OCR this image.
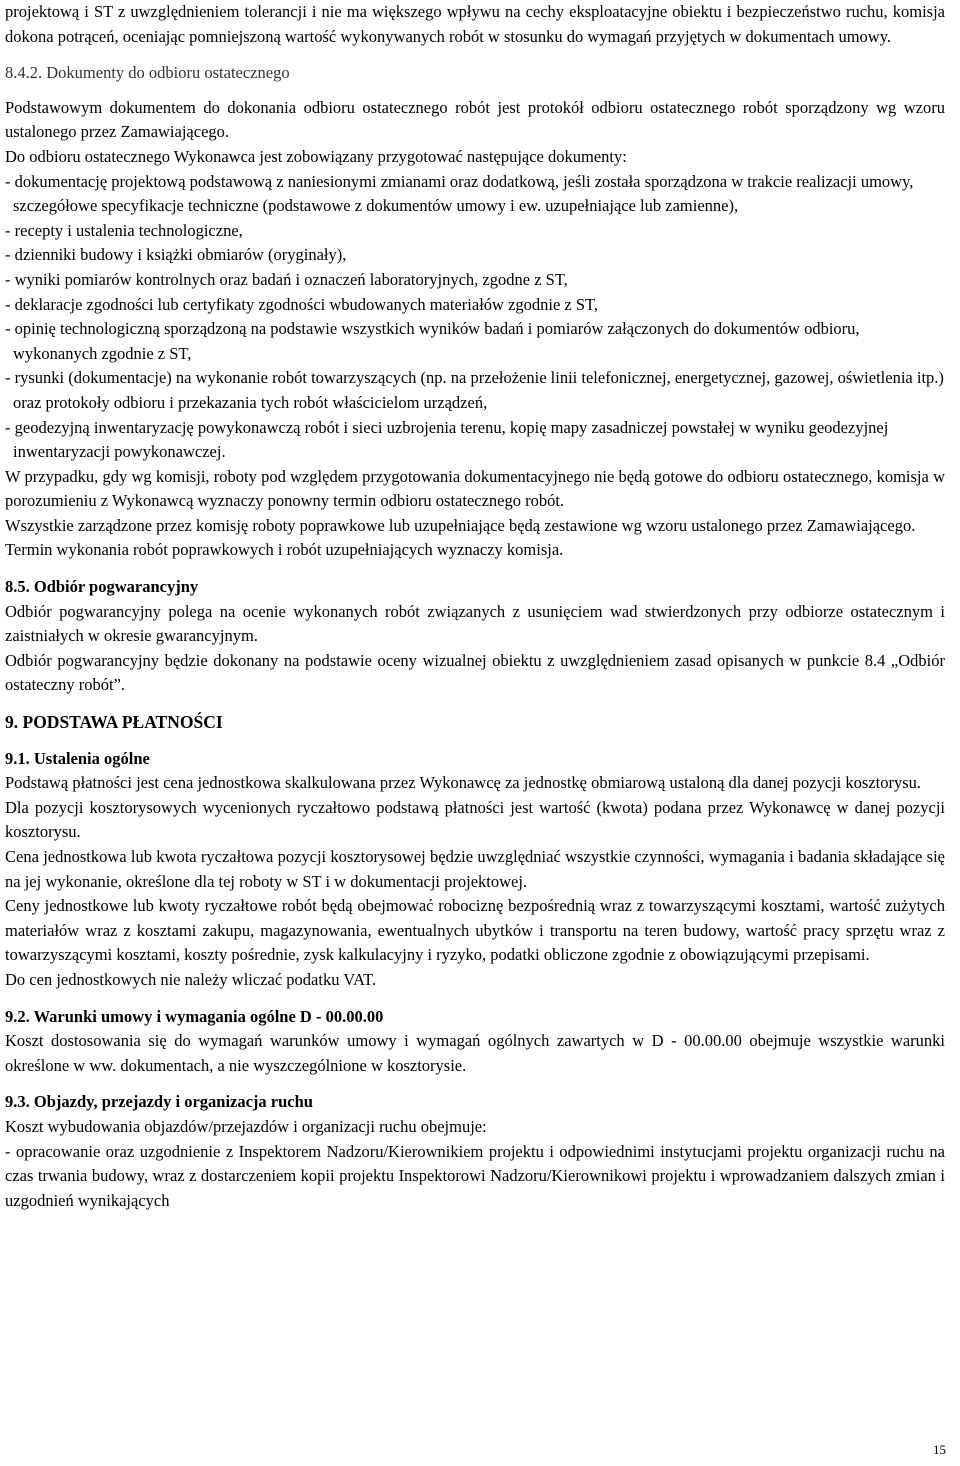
projektową i ST z uwzględnieniem tolerancji i nie ma większego wpływu na cechy eksploatacyjne obiektu i bezpieczeństwo ruchu, komisja dokona potrąceń, oceniając pomniejszoną wartość wykonywanych robót w stosunku do wymagań przyjętych w dokumentach umowy.

8.4.2. Dokumenty do odbioru ostatecznego

Podstawowym dokumentem do dokonania odbioru ostatecznego robót jest protokół odbioru ostatecznego robót sporządzony wg wzoru ustalonego przez Zamawiającego.

Do odbioru ostatecznego Wykonawca jest zobowiązany przygotować następujące dokumenty:

- dokumentację projektową podstawową z naniesionymi zmianami oraz dodatkową, jeśli została sporządzona w trakcie realizacji umowy, szczegółowe specyfikacje techniczne (podstawowe z dokumentów umowy i ew. uzupełniające lub zamienne),

- recepty i ustalenia technologiczne,

- dzienniki budowy i książki obmiarów (oryginały),

- wyniki pomiarów kontrolnych oraz badań i oznaczeń laboratoryjnych, zgodne z ST,

- deklaracje zgodności lub certyfikaty zgodności wbudowanych materiałów zgodnie z ST,

- opinię technologiczną sporządzoną na podstawie wszystkich wyników badań i pomiarów załączonych do dokumentów odbioru, wykonanych zgodnie z ST,

- rysunki (dokumentacje) na wykonanie robót towarzyszących (np. na przełożenie linii telefonicznej, energetycznej, gazowej, oświetlenia itp.) oraz protokoły odbioru i przekazania tych robót właścicielom urządzeń,

- geodezyjną inwentaryzację powykonawczą robót i sieci uzbrojenia terenu, kopię mapy zasadniczej powstałej w wyniku geodezyjnej inwentaryzacji powykonawczej.

W przypadku, gdy wg komisji, roboty pod względem przygotowania dokumentacyjnego nie będą gotowe do odbioru ostatecznego, komisja w porozumieniu z Wykonawcą wyznaczy ponowny termin odbioru ostatecznego robót.

Wszystkie zarządzone przez komisję roboty poprawkowe lub uzupełniające będą zestawione wg wzoru ustalonego przez Zamawiającego.

Termin wykonania robót poprawkowych i robót uzupełniających wyznaczy komisja.

8.5. Odbiór pogwarancyjny

Odbiór pogwarancyjny polega na ocenie wykonanych robót związanych z usunięciem wad stwierdzonych przy odbiorze ostatecznym i zaistniałych w okresie gwarancyjnym.

Odbiór pogwarancyjny będzie dokonany na podstawie oceny wizualnej obiektu z uwzględnieniem zasad opisanych w punkcie 8.4 „Odbiór ostateczny robót”.

9. PODSTAWA PŁATNOŚCI

9.1. Ustalenia ogólne

Podstawą płatności jest cena jednostkowa skalkulowana przez Wykonawcę za jednostkę obmiarową ustaloną dla danej pozycji kosztorysu.

Dla pozycji kosztorysowych wycenionych ryczałtowo podstawą płatności jest wartość (kwota) podana przez Wykonawcę w danej pozycji kosztorysu.

Cena jednostkowa lub kwota ryczałtowa pozycji kosztorysowej będzie uwzględniać wszystkie czynności, wymagania i badania składające się na jej wykonanie, określone dla tej roboty w ST i w dokumentacji projektowej.

Ceny jednostkowe lub kwoty ryczałtowe robót będą obejmować robociznę bezpośrednią wraz z towarzyszącymi kosztami, wartość zużytych materiałów wraz z kosztami zakupu, magazynowania, ewentualnych ubytków i transportu na teren budowy, wartość pracy sprzętu wraz z towarzyszącymi kosztami, koszty pośrednie, zysk kalkulacyjny i ryzyko, podatki obliczone zgodnie z obowiązującymi przepisami.

Do cen jednostkowych nie należy wliczać podatku VAT.

9.2. Warunki umowy i wymagania ogólne D - 00.00.00

Koszt dostosowania się do wymagań warunków umowy i wymagań ogólnych zawartych w D - 00.00.00 obejmuje wszystkie warunki określone w ww. dokumentach, a nie wyszczególnione w kosztorysie.

9.3. Objazdy, przejazdy i organizacja ruchu

Koszt wybudowania objazdów/przejazdów i organizacji ruchu obejmuje:

- opracowanie oraz uzgodnienie z Inspektorem Nadzoru/Kierownikiem projektu i odpowiednimi instytucjami projektu organizacji ruchu na czas trwania budowy, wraz z dostarczeniem kopii projektu Inspektorowi Nadzoru/Kierownikowi projektu i wprowadzaniem dalszych zmian i uzgodnień wynikających

15
